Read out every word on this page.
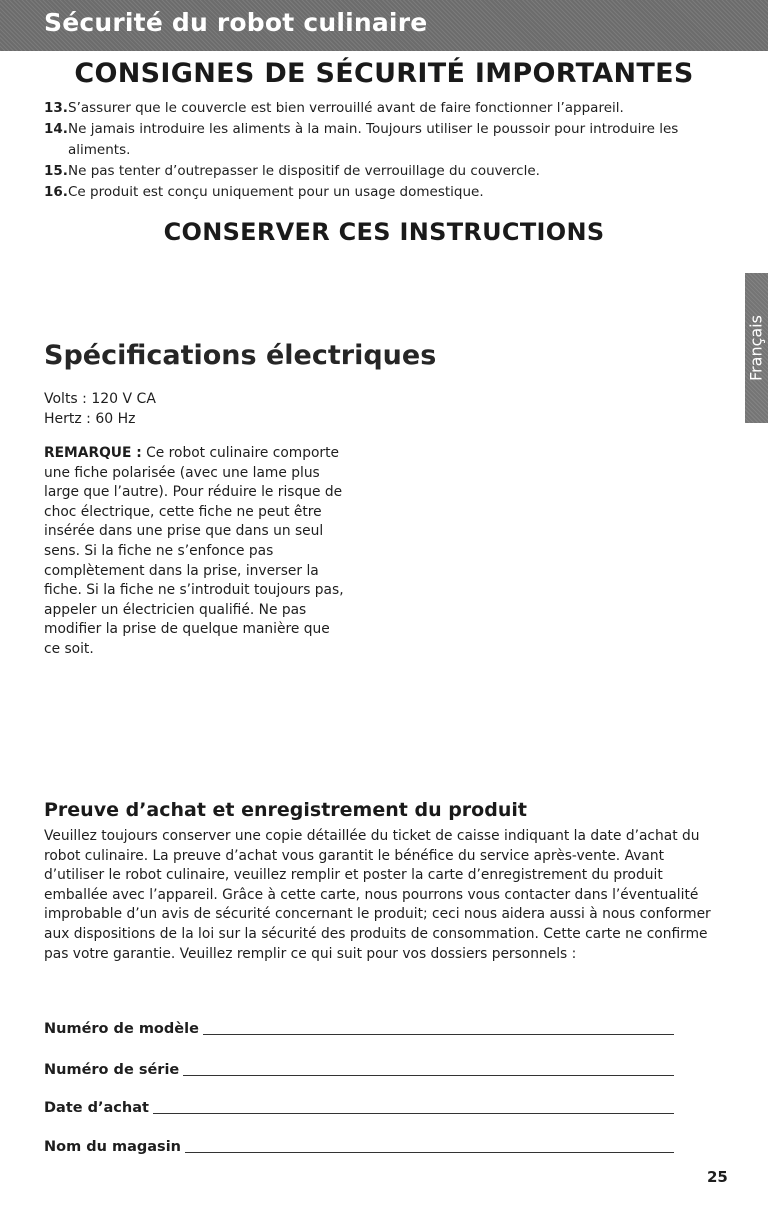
Sécurité du robot culinaire
CONSIGNES DE SÉCURITÉ IMPORTANTES
13. S’assurer que le couvercle est bien verrouillé avant de faire fonctionner l’appareil.
14. Ne jamais introduire les aliments à la main. Toujours utiliser le poussoir pour introduire les aliments.
15. Ne pas tenter d’outrepasser le dispositif de verrouillage du couvercle.
16. Ce produit est conçu uniquement pour un usage domestique.
CONSERVER CES INSTRUCTIONS
Français
Spécifications électriques
Volts : 120 V CA
Hertz : 60 Hz
REMARQUE : Ce robot culinaire comporte une fiche polarisée (avec une lame plus large que l’autre). Pour réduire le risque de choc électrique, cette fiche ne peut être insérée dans une prise que dans un seul sens. Si la fiche ne s’enfonce pas complètement dans la prise, inverser la fiche. Si la fiche ne s’introduit toujours pas, appeler un électricien qualifié. Ne pas modifier la prise de quelque manière que ce soit.
Preuve d’achat et enregistrement du produit
Veuillez toujours conserver une copie détaillée du ticket de caisse indiquant la date d’achat du robot culinaire. La preuve d’achat vous garantit le bénéfice du service après-vente. Avant d’utiliser le robot culinaire, veuillez remplir et poster la carte d’enregistrement du produit emballée avec l’appareil. Grâce à cette carte, nous pourrons vous contacter dans l’éventualité improbable d’un avis de sécurité concernant le produit; ceci nous aidera aussi à nous conformer aux dispositions de la loi sur la sécurité des produits de consommation. Cette carte ne confirme pas votre garantie. Veuillez remplir ce qui suit pour vos dossiers personnels :
Numéro de modèle
Numéro de série
Date d’achat
Nom du magasin
25
